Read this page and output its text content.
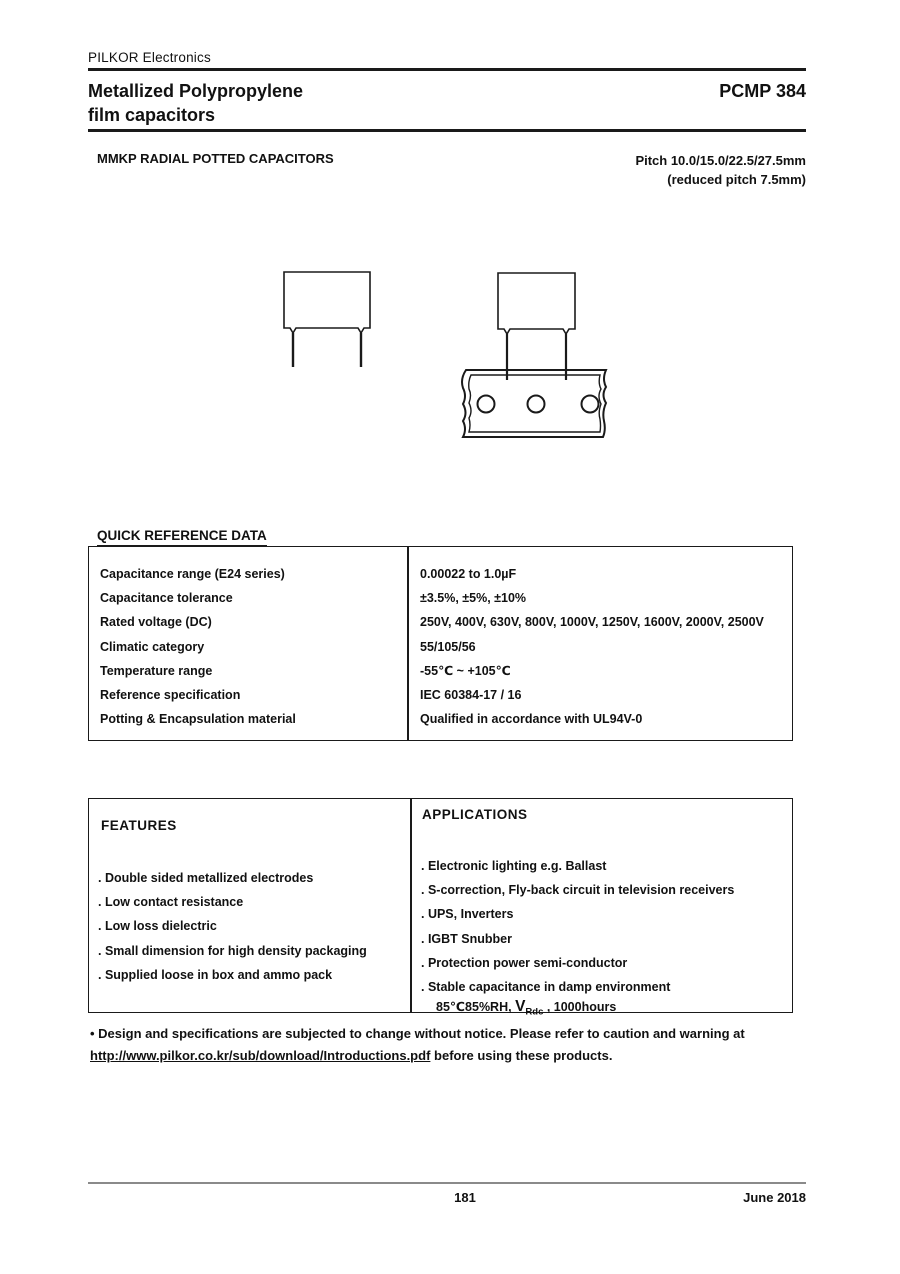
PILKOR Electronics
Metallized Polypropylene
film capacitors
PCMP 384
MMKP RADIAL POTTED CAPACITORS	Pitch 10.0/15.0/22.5/27.5mm
(reduced pitch 7.5mm)
QUICK REFERENCE DATA
Capacitance range (E24 series)	0.00022 to 1.0µF
Capacitance tolerance	±3.5%, ±5%, ±10%
Rated voltage (DC)	250V, 400V, 630V, 800V, 1000V, 1250V, 1600V, 2000V, 2500V
Climatic category	55/105/56
Temperature range	-55℃ ~ +105℃
Reference specification	IEC 60384-17 / 16
Potting & Encapsulation material	Qualified in accordance with UL94V-0
FEATURES
. Double sided metallized electrodes
. Low contact resistance
. Low loss dielectric
. Small dimension for high density packaging
. Supplied loose in box and ammo pack
APPLICATIONS
. Electronic lighting e.g. Ballast
. S-correction, Fly-back circuit in television receivers
. UPS, Inverters
. IGBT Snubber
. Protection power semi-conductor
. Stable capacitance in damp environment
85℃85%RH, $V_{Rdc}$ , 1000hours
• Design and specifications are subjected to change without notice. Please refer to caution and warning at
http://www.pilkor.co.kr/sub/download/Introductions.pdf before using these products.
181	June 2018
